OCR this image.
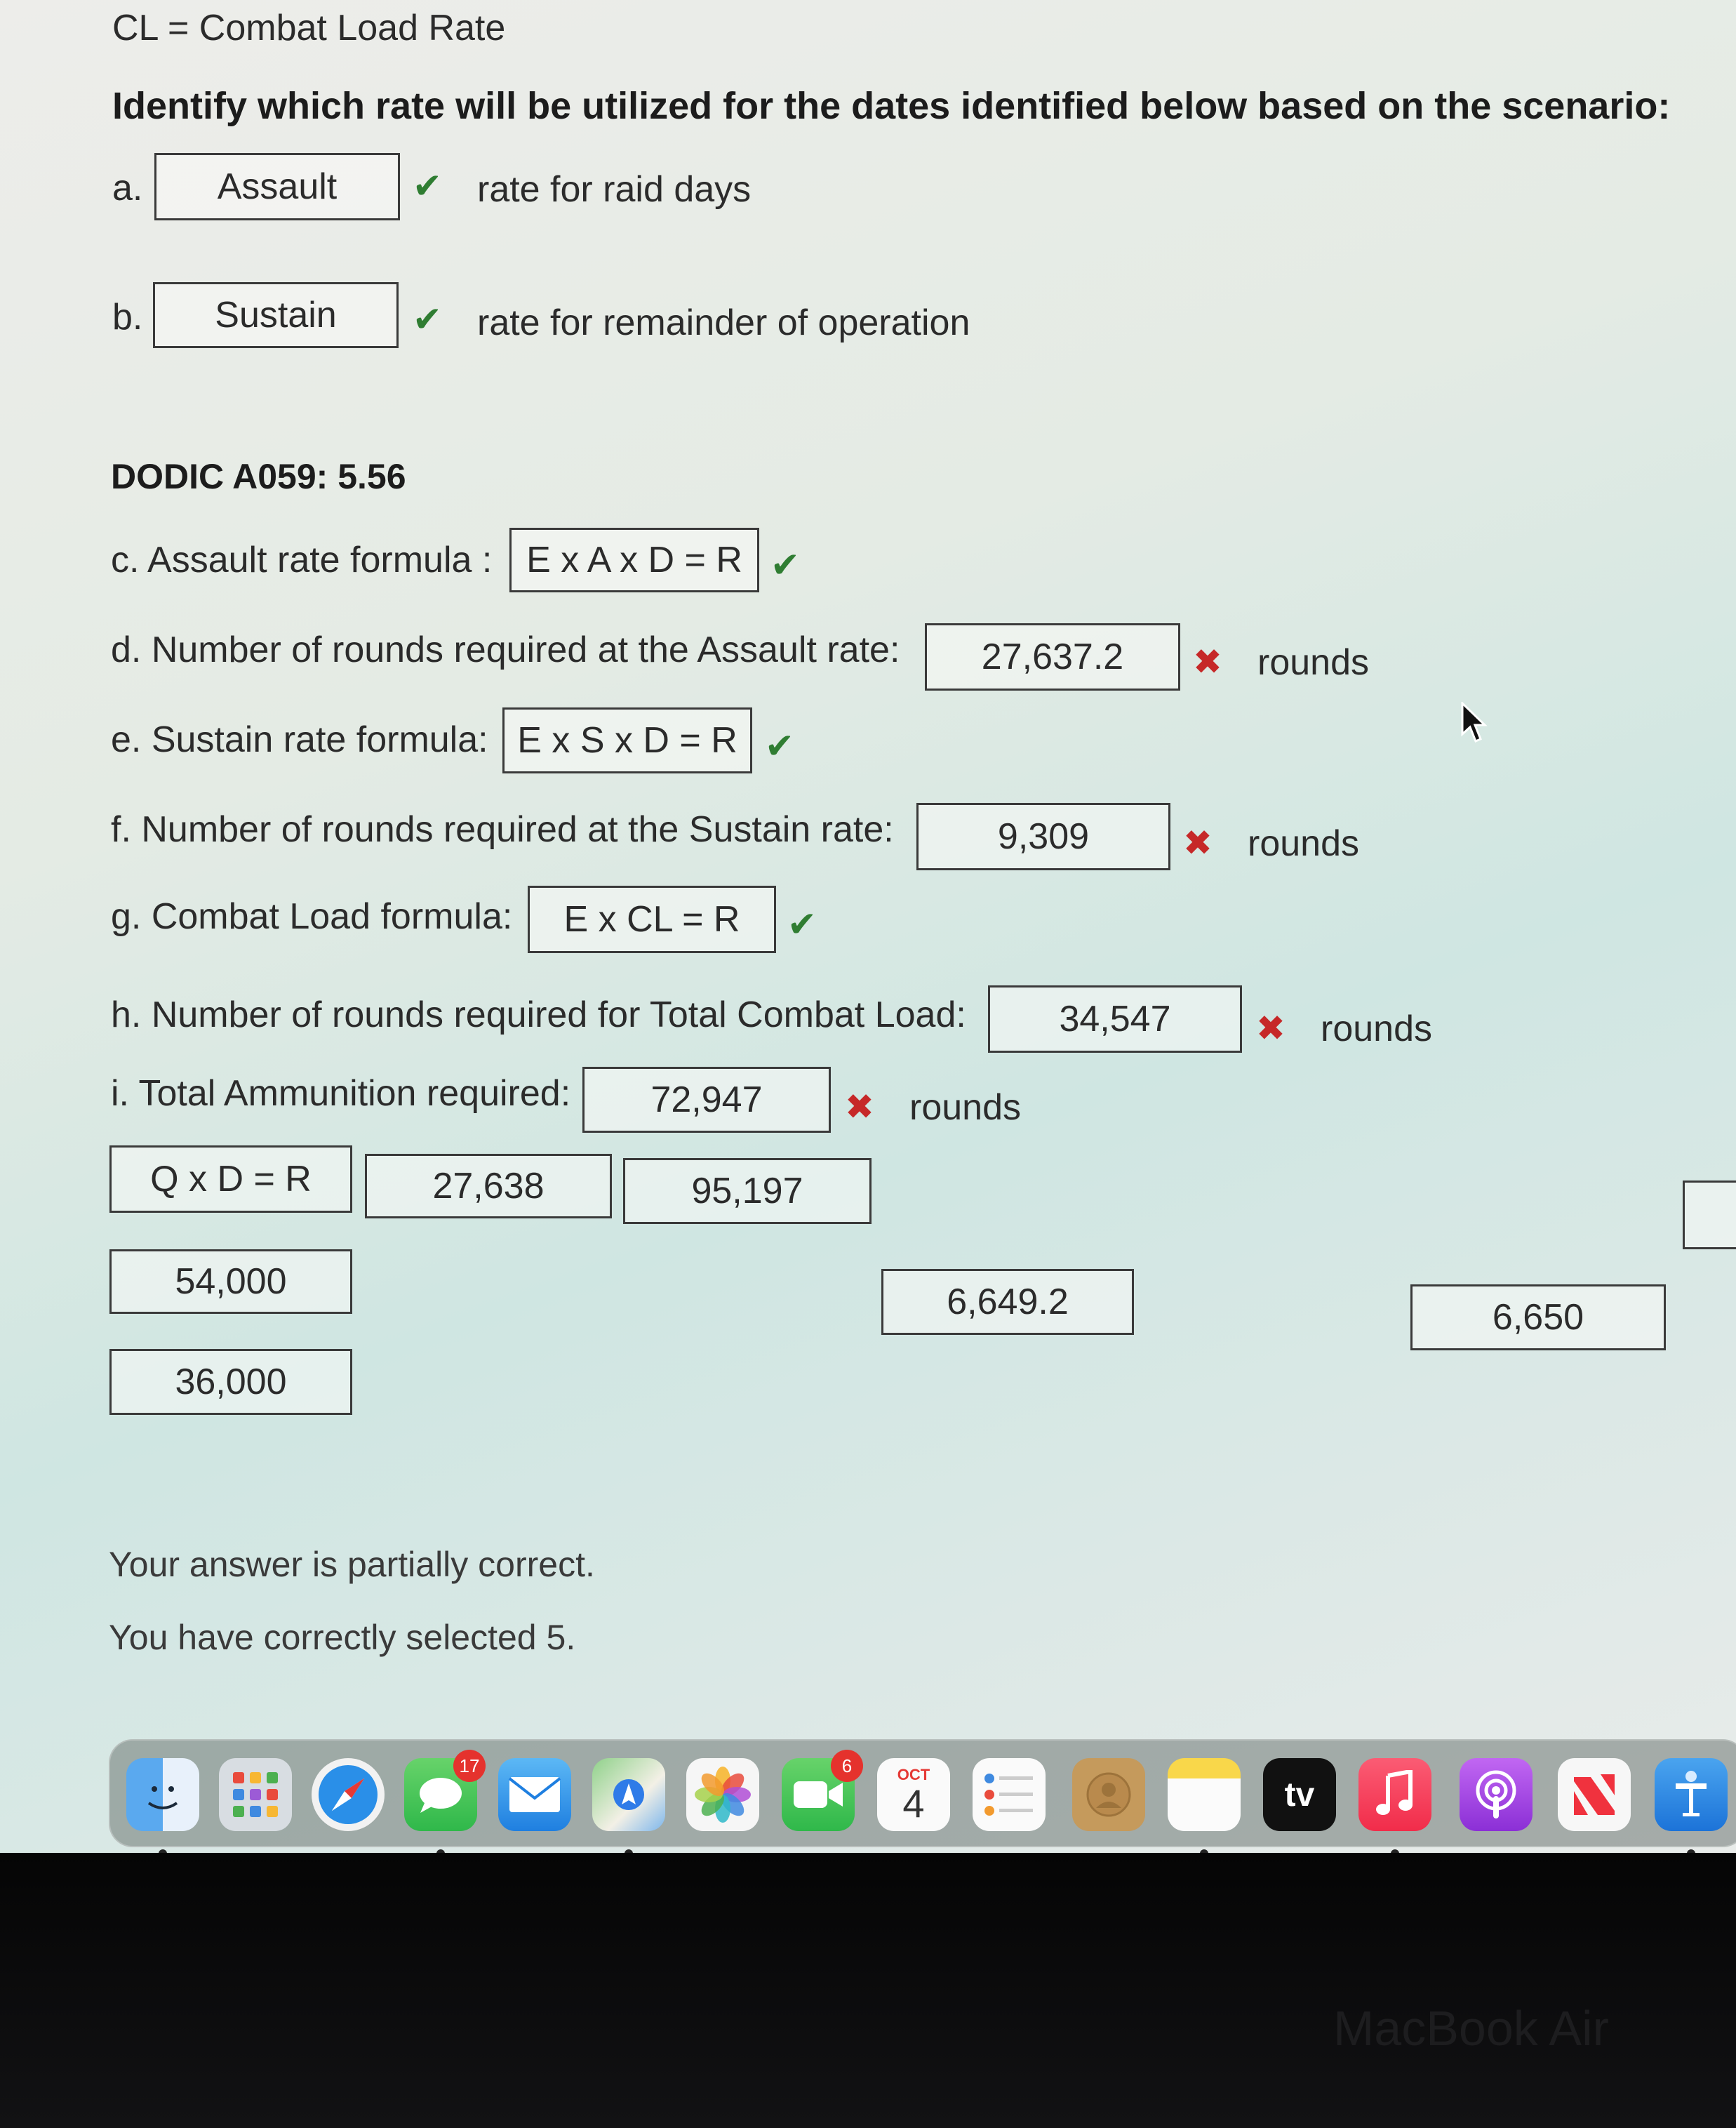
CL = Combat Load Rate
Identify which rate will be utilized for the dates identified below based on the scenario:
a.	Assault	✔ rate for raid days
b.	Sustain	✔ rate for remainder of operation
DODIC A059: 5.56
c. Assault rate formula : E x A x D = R ✔
d. Number of rounds required at the Assault rate:	27,637.2	✖ rounds
e. Sustain rate formula: E x S x D = R ✔
f. Number of rounds required at the Sustain rate:	9,309	✖ rounds
g. Combat Load formula:	E x CL = R	✔
h. Number of rounds required for Total Combat Load:	34,547	✖ rounds
i. Total Ammunition required:	72,947	✖ rounds
Q x D = R	27,638	95,197
54,000	6,649.2	6,650
36,000
Your answer is partially correct.
You have correctly selected 5.
17	6	OCT
4	tv
MacBook Air
